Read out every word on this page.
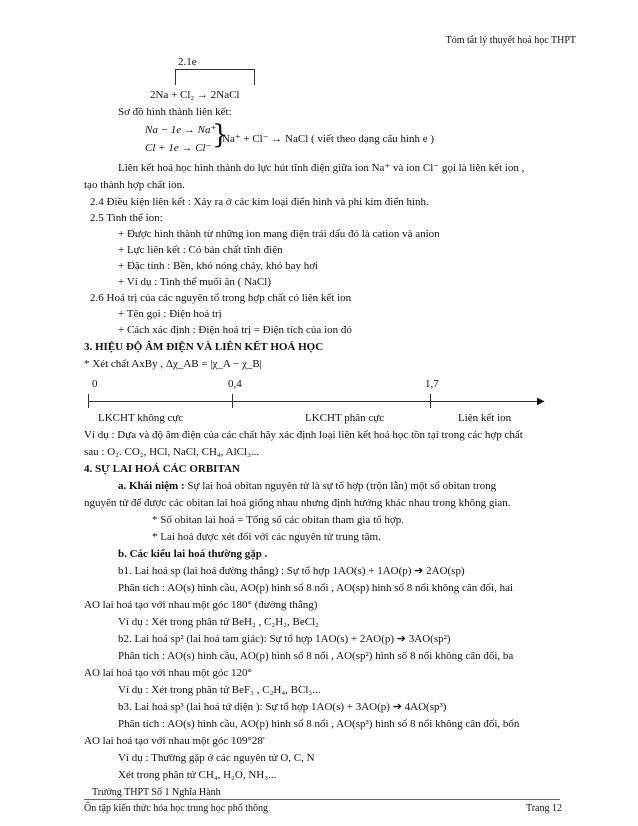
Tóm tắt lý thuyết hoá học THPT
2.1e
2Na + Cl₂ → 2NaCl
Sơ đồ hình thành liên kết:
Na − 1e → Na⁺
Cl + 1e → Cl⁻ }
Na⁺ + Cl⁻ → NaCl ( viết theo dạng cấu hình e )
Liên kết hoá học hình thành do lực hút tĩnh điện giữa ion Na⁺ và ion Cl⁻ gọi là liên kết ion ,
tạo thành hợp chất ion.
2.4 Điều kiện liên kết : Xảy ra ở các kim loại điển hình và phi kim điển hình.
2.5 Tinh thể ion:
+ Được hình thành từ những ion mang điện trái dấu đó là cation và anion
+ Lực liên kết : Có bản chất tĩnh điện
+ Đặc tính : Bền, khó nóng chảy, khó bay hơi
+ Ví dụ : Tinh thể muối ăn ( NaCl)
2.6 Hoá trị của các nguyên tố trong hợp chất có liên kết ion
+ Tên gọi : Điện hoá trị
+ Cách xác định : Điện hoá trị = Điện tích của ion đó
3. HIỆU ĐỘ ÂM ĐIỆN VÀ LIÊN KẾT HOÁ HỌC
* Xét chất AxBy , Δχ_AB = |χ_A − χ_B|
0	0,4	1,7
▶
LKCHT không cực	LKCHT phân cực	Liên kết ion
Ví dụ : Dựa và độ âm điện của các chất hãy xác định loại liên kết hoá học tồn tại trong các hợp chất
sau : O₂. CO₂, HCl, NaCl, CH₄, AlCl₃...
4. SỰ LAI HOÁ CÁC ORBITAN
a. Khái niệm : Sự lai hoá obitan nguyên tử là sự tổ hợp (trộn lẫn) một số obitan trong
nguyên tử để được các obitan lai hoá giống nhau nhưng định hướng khác nhau trong không gian.
* Số obitan lai hoá = Tổng số các obitan tham gia tổ hợp.
* Lai hoá được xét đối với các nguyên tử trung tâm.
b. Các kiểu lai hoá thường gặp .
b1. Lai hoá sp (lai hoá đường thẳng) : Sự tổ hợp 1AO(s) + 1AO(p) ➔ 2AO(sp)
Phân tích : AO(s) hình cầu, AO(p) hình số 8 nổi , AO(sp) hình số 8 nổi không cân đối, hai
AO lai hoá tạo với nhau một góc 180° (đường thẳng)
Ví dụ : Xét trong phân tử BeH₂ , C₂H₂, BeCl₂
b2. Lai hoá sp² (lai hoá tam giác): Sự tổ hợp 1AO(s) + 2AO(p) ➔ 3AO(sp²)
Phân tích : AO(s) hình cầu, AO(p) hình số 8 nổi , AO(sp²) hình số 8 nổi không cân đối, ba
AO lai hoá tạo với nhau một góc 120°
Ví dụ : Xét trong phân tử BeF₃ , C₂H₄, BCl₃...
b3. Lai hoá sp³ (lai hoá tứ diện ): Sự tổ hợp 1AO(s) + 3AO(p) ➔ 4AO(sp³)
Phân tích : AO(s) hình cầu, AO(p) hình số 8 nổi , AO(sp³) hình số 8 nổi không cân đối, bốn
AO lai hoá tạo với nhau một góc 109°28'
Ví dụ : Thường gặp ở các nguyên tử O, C, N
Xét trong phân tử CH₄, H₂O, NH₃...
Trường THPT Số 1 Nghĩa Hành
Ôn tập kiến thức hóa học trung học phổ thông	Trang 12
